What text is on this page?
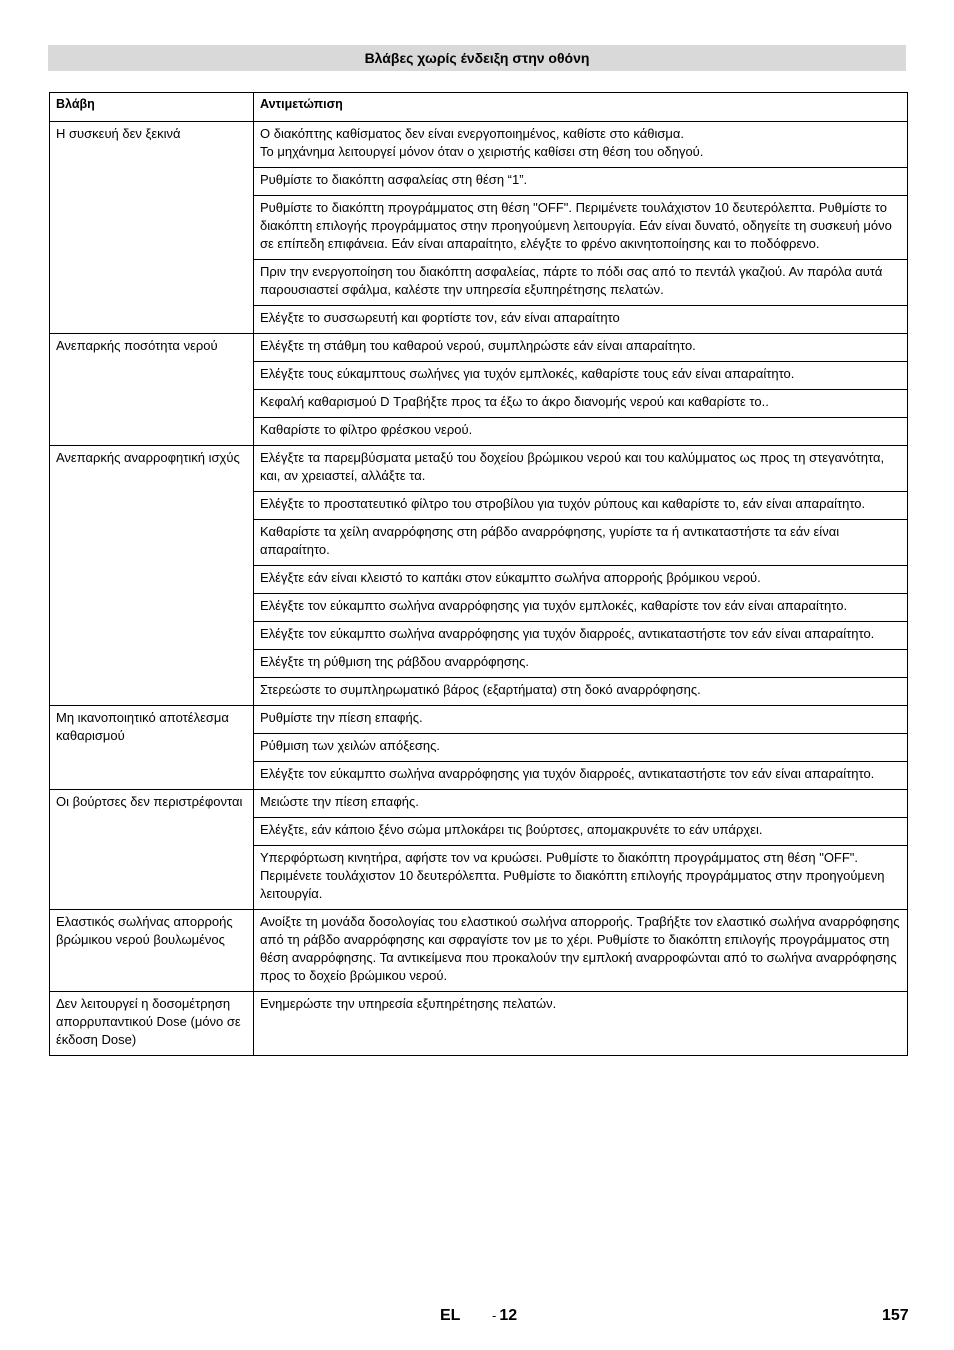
Βλάβες χωρίς ένδειξη στην οθόνη
Βλάβη	Αντιμετώπιση
Η συσκευή δεν ξεκινά	Ο διακόπτης καθίσματος δεν είναι ενεργοποιημένος, καθίστε στο κάθισμα.
Το μηχάνημα λειτουργεί μόνον όταν ο χειριστής καθίσει στη θέση του οδηγού.
	Ρυθμίστε το διακόπτη ασφαλείας στη θέση “1”.
	Ρυθμίστε το διακόπτη προγράμματος στη θέση "OFF". Περιμένετε τουλάχιστον 10 δευτερόλεπτα. Ρυθμίστε το διακόπτη επιλογής προγράμματος στην προηγούμενη λειτουργία. Εάν είναι δυνατό, οδηγείτε τη συσκευή μόνο σε επίπεδη επιφάνεια. Εάν είναι απαραίτητο, ελέγξτε το φρένο ακινητοποίησης και το ποδόφρενο.
	Πριν την ενεργοποίηση του διακόπτη ασφαλείας, πάρτε το πόδι σας από το πεντάλ γκαζιού. Αν παρόλα αυτά παρουσιαστεί σφάλμα, καλέστε την υπηρεσία εξυπηρέτησης πελατών.
	Ελέγξτε το συσσωρευτή και φορτίστε τον, εάν είναι απαραίτητο
Ανεπαρκής ποσότητα νερού	Ελέγξτε τη στάθμη του καθαρού νερού, συμπληρώστε εάν είναι απαραίτητο.
	Ελέγξτε τους εύκαμπτους σωλήνες για τυχόν εμπλοκές, καθαρίστε τους εάν είναι απαραίτητο.
	Κεφαλή καθαρισμού D Τραβήξτε προς τα έξω το άκρο διανομής νερού και καθαρίστε το..
	Καθαρίστε το φίλτρο φρέσκου νερού.
Ανεπαρκής αναρροφητική ισχύς	Ελέγξτε τα παρεμβύσματα μεταξύ του δοχείου βρώμικου νερού και του καλύμματος ως προς τη στεγανότητα, και, αν χρειαστεί, αλλάξτε τα.
	Ελέγξτε το προστατευτικό φίλτρο του στροβίλου για τυχόν ρύπους και καθαρίστε το, εάν είναι απαραίτητο.
	Καθαρίστε τα χείλη αναρρόφησης στη ράβδο αναρρόφησης, γυρίστε τα ή αντικαταστήστε τα εάν είναι απαραίτητο.
	Ελέγξτε εάν είναι κλειστό το καπάκι στον εύκαμπτο σωλήνα απορροής βρόμικου νερού.
	Ελέγξτε τον εύκαμπτο σωλήνα αναρρόφησης για τυχόν εμπλοκές, καθαρίστε τον εάν είναι απαραίτητο.
	Ελέγξτε τον εύκαμπτο σωλήνα αναρρόφησης για τυχόν διαρροές, αντικαταστήστε τον εάν είναι απαραίτητο.
	Ελέγξτε τη ρύθμιση της ράβδου αναρρόφησης.
	Στερεώστε το συμπληρωματικό βάρος (εξαρτήματα) στη δοκό αναρρόφησης.
Μη ικανοποιητικό αποτέλεσμα καθαρισμού	Ρυθμίστε την πίεση επαφής.
	Ρύθμιση των χειλών απόξεσης.
	Ελέγξτε τον εύκαμπτο σωλήνα αναρρόφησης για τυχόν διαρροές, αντικαταστήστε τον εάν είναι απαραίτητο.
Οι βούρτσες δεν περιστρέφονται	Μειώστε την πίεση επαφής.
	Ελέγξτε, εάν κάποιο ξένο σώμα μπλοκάρει τις βούρτσες, απομακρυνέτε το εάν υπάρχει.
	Υπερφόρτωση κινητήρα, αφήστε τον να κρυώσει. Ρυθμίστε το διακόπτη προγράμματος στη θέση "OFF". Περιμένετε τουλάχιστον 10 δευτερόλεπτα. Ρυθμίστε το διακόπτη επιλογής προγράμματος στην προηγούμενη λειτουργία.
Ελαστικός σωλήνας απορροής βρώμικου νερού βουλωμένος	Ανοίξτε τη μονάδα δοσολογίας του ελαστικού σωλήνα απορροής. Τραβήξτε τον ελαστικό σωλήνα αναρρόφησης από τη ράβδο αναρρόφησης και σφραγίστε τον με το χέρι. Ρυθμίστε το διακόπτη επιλογής προγράμματος στη θέση αναρρόφησης. Τα αντικείμενα που προκαλούν την εμπλοκή αναρροφώνται από το σωλήνα αναρρόφησης προς το δοχείο βρώμικου νερού.
Δεν λειτουργεί η δοσομέτρηση απορρυπαντικού Dose (μόνο σε έκδοση Dose)	Ενημερώστε την υπηρεσία εξυπηρέτησης πελατών.
EL - 12	157
